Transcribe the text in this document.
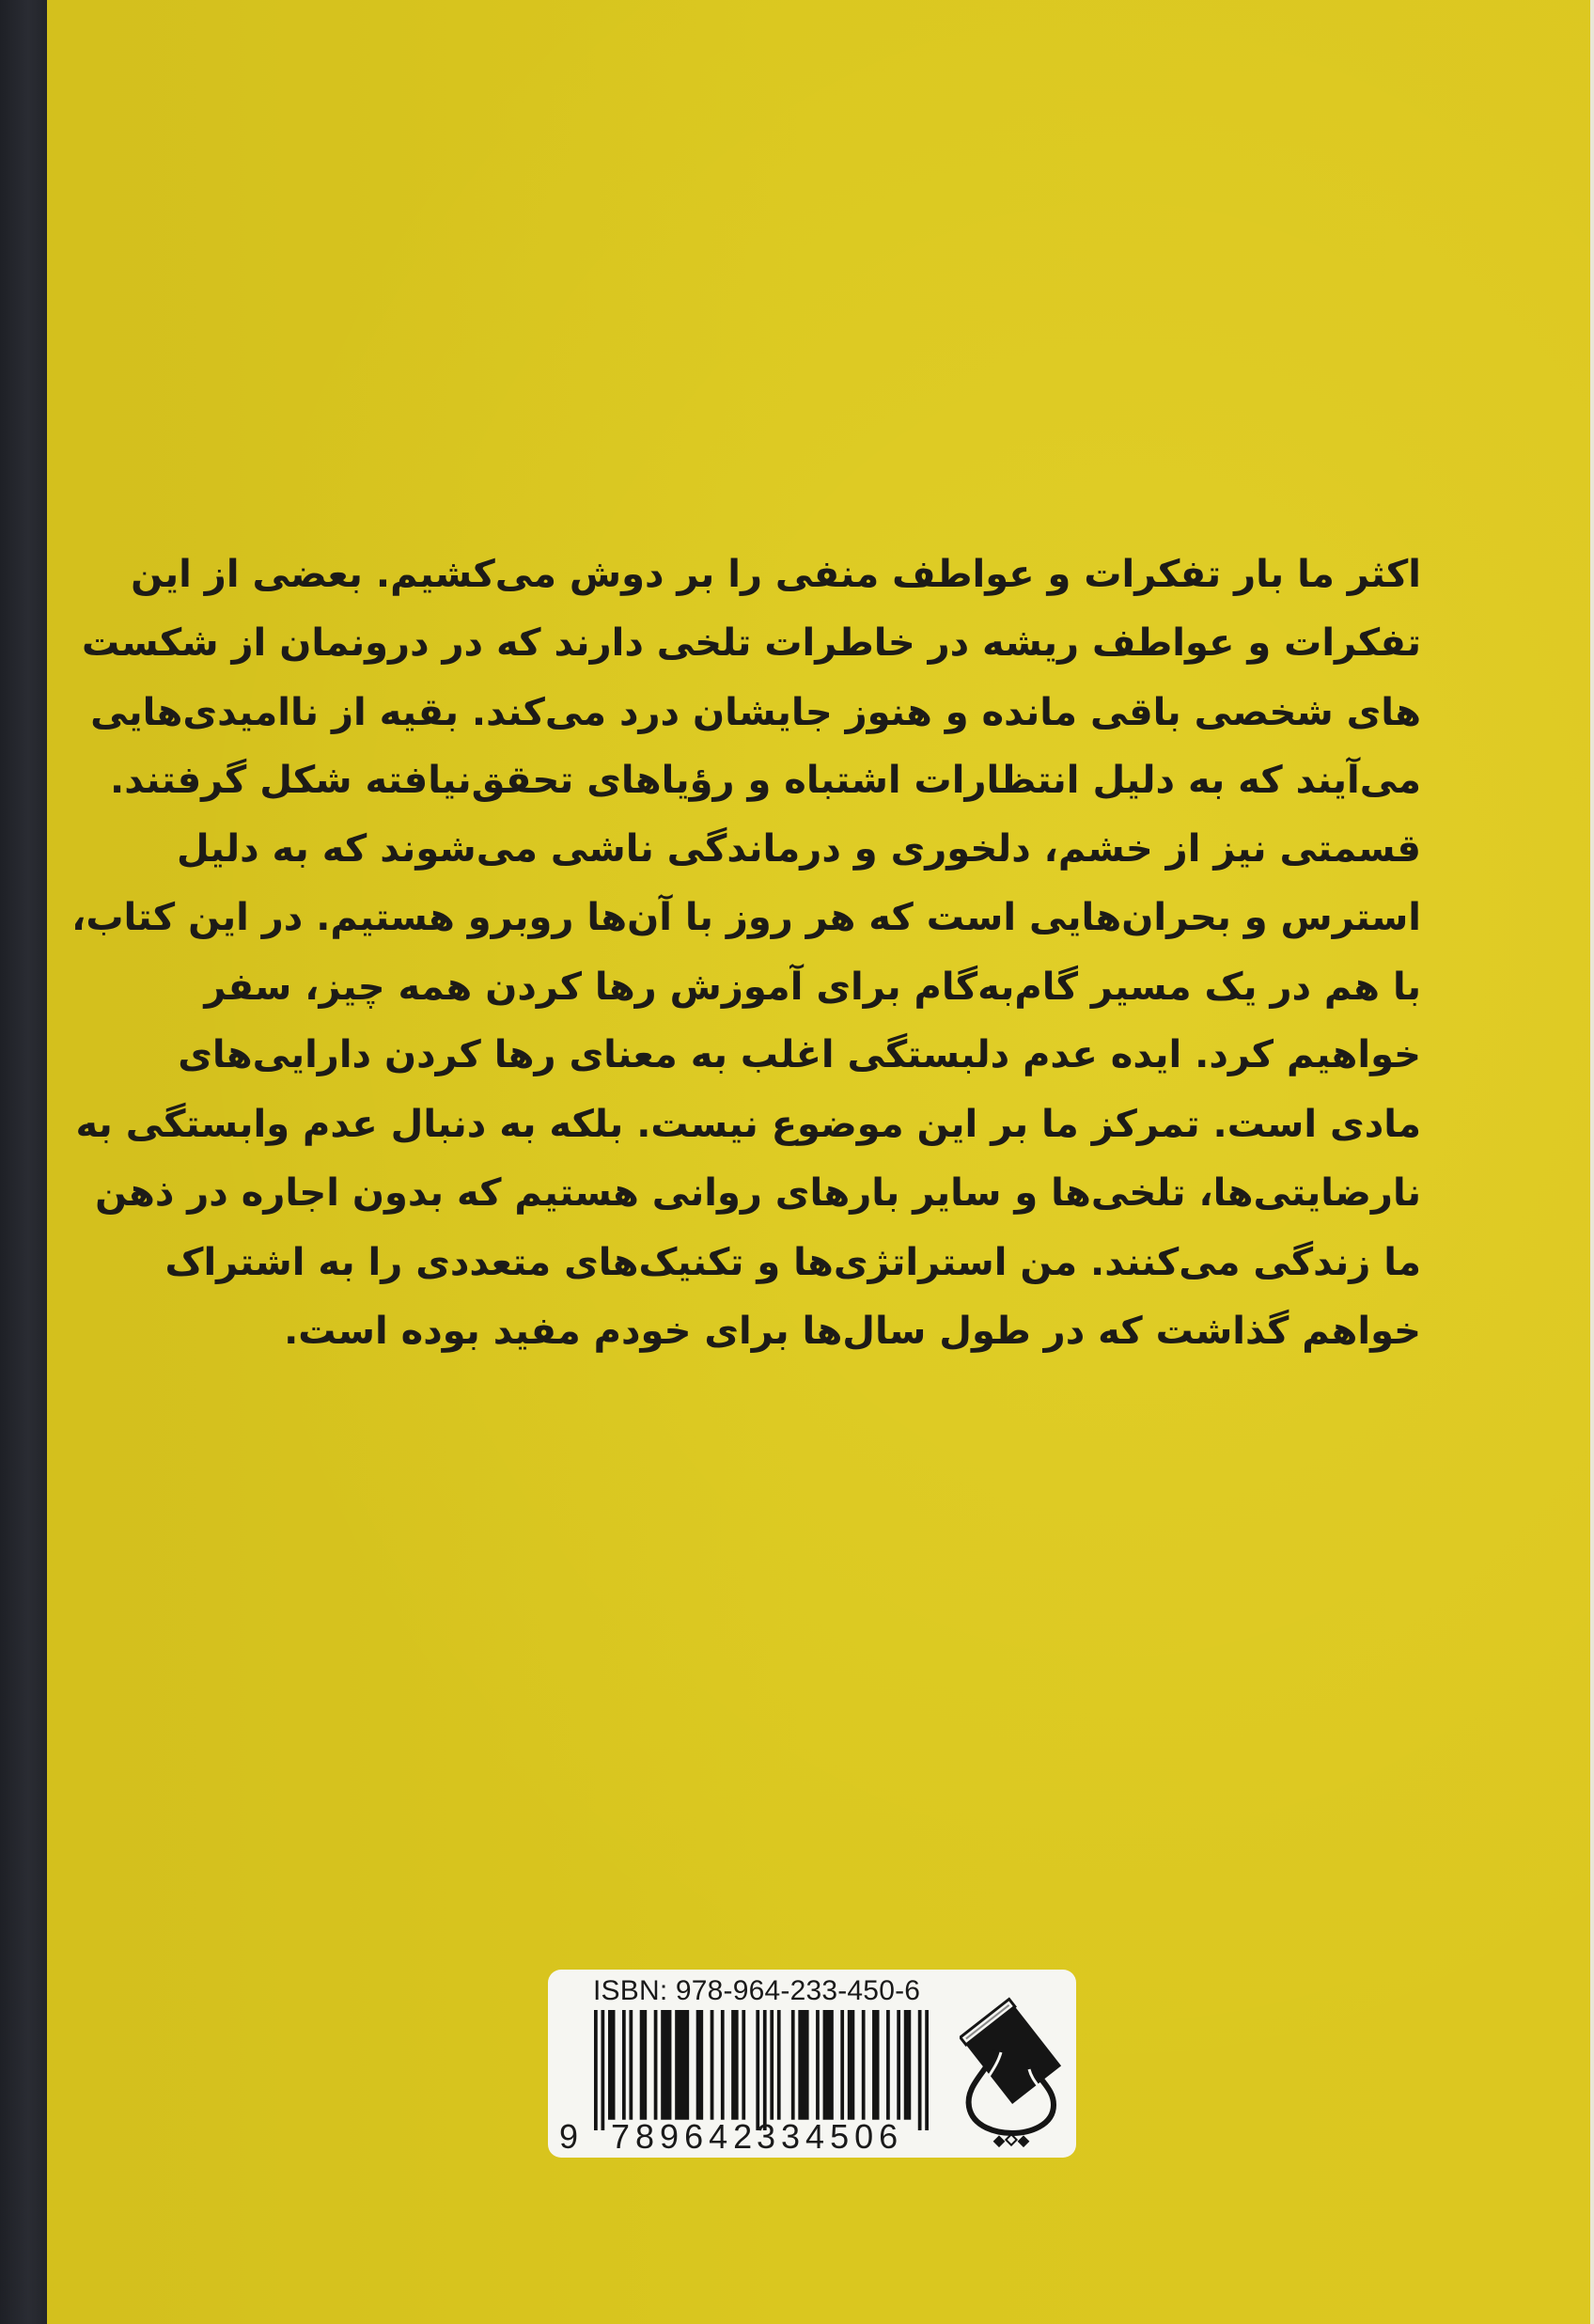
اکثر ما بار تفکرات و عواطف منفی را بر دوش می‌کشیم. بعضی از این
تفکرات و عواطف ریشه در خاطرات تلخی دارند که در درونمان از شکست
های شخصی باقی مانده و هنوز جایشان درد می‌کند. بقیه از ناامیدی‌هایی
می‌آیند که به دلیل انتظارات اشتباه و رؤیاهای تحقق‌نیافته شکل گرفتند.
قسمتی نیز از خشم، دلخوری و درماندگی ناشی می‌شوند که به دلیل
استرس و بحران‌هایی است که هر روز با آن‌ها روبرو هستیم. در این کتاب،
با هم در یک مسیر گام‌به‌گام برای آموزش رها کردن همه چیز، سفر
خواهیم کرد. ایده عدم دلبستگی اغلب به معنای رها کردن دارایی‌های
مادی است. تمرکز ما بر این موضوع نیست. بلکه به دنبال عدم وابستگی به
نارضایتی‌ها، تلخی‌ها و سایر بارهای روانی هستیم که بدون اجاره در ذهن
ما زندگی می‌کنند. من استراتژی‌ها و تکنیک‌های متعددی را به اشتراک
خواهم گذاشت که در طول سال‌ها برای خودم مفید بوده است.
ISBN: 978-964-233-450-6
9 789642
334506
